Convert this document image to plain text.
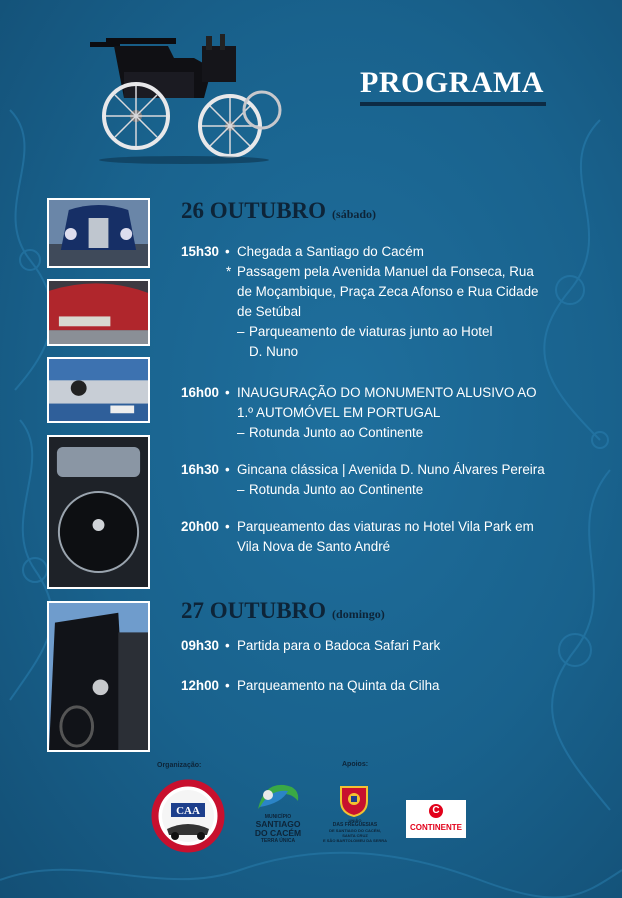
PROGRAMA
26 OUTUBRO (sábado)
15h30 • Chegada a Santiago do Cacém
* Passagem pela Avenida Manuel da Fonseca, Rua
de Moçambique, Praça Zeca Afonso e Rua Cidade
de Setúbal
– Parqueamento de viaturas junto ao Hotel
D. Nuno
16h00 • INAUGURAÇÃO DO MONUMENTO ALUSIVO AO
1.º AUTOMÓVEL EM PORTUGAL
– Rotunda Junto ao Continente
16h30 • Gincana clássica | Avenida D. Nuno Álvares Pereira
– Rotunda Junto ao Continente
20h00 • Parqueamento das viaturas no Hotel Vila Park em
Vila Nova de Santo André
27 OUTUBRO (domingo)
09h30 • Partida para o Badoca Safari Park
12h00 • Parqueamento na Quinta da Cilha
Organização:	Apoios:
CAA	MUNICÍPIO
SANTIAGO
DO CACÉM
TERRA ÚNICA
UNIÃO
DAS FREGUESIAS
DE SANTIAGO DO CACÉM,
SANTA CRUZ
E SÃO BARTOLOMEU DA SERRA
C
CONTINENTE
